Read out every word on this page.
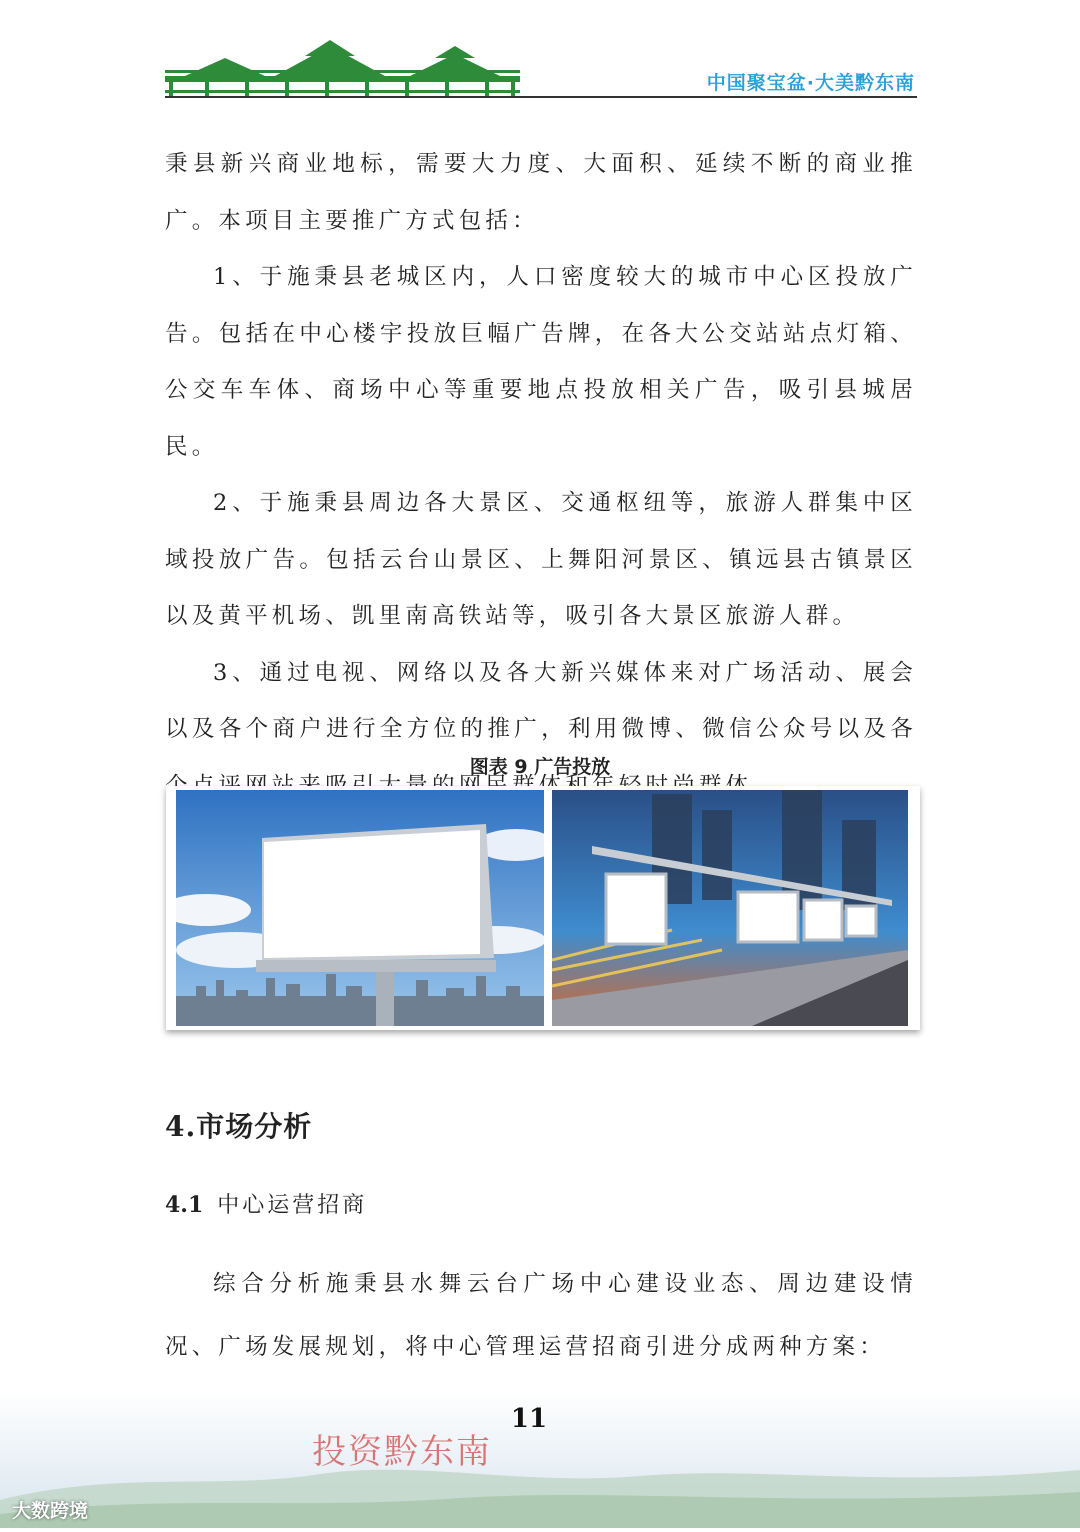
中国聚宝盆·大美黔东南

秉县新兴商业地标，需要大力度、大面积、延续不断的商业推广。本项目主要推广方式包括：

1、于施秉县老城区内，人口密度较大的城市中心区投放广告。包括在中心楼宇投放巨幅广告牌，在各大公交站站点灯箱、公交车车体、商场中心等重要地点投放相关广告，吸引县城居民。

2、于施秉县周边各大景区、交通枢纽等，旅游人群集中区域投放广告。包括云台山景区、上舞阳河景区、镇远县古镇景区以及黄平机场、凯里南高铁站等，吸引各大景区旅游人群。

3、通过电视、网络以及各大新兴媒体来对广场活动、展会以及各个商户进行全方位的推广，利用微博、微信公众号以及各

图表 9 广告投放
4.市场分析
4.1 中心运营招商

综合分析施秉县水舞云台广场中心建设业态、周边建设情况、广场发展规划，将中心管理运营招商引进分成两种方案：

11
投资黔东南
大数跨境
